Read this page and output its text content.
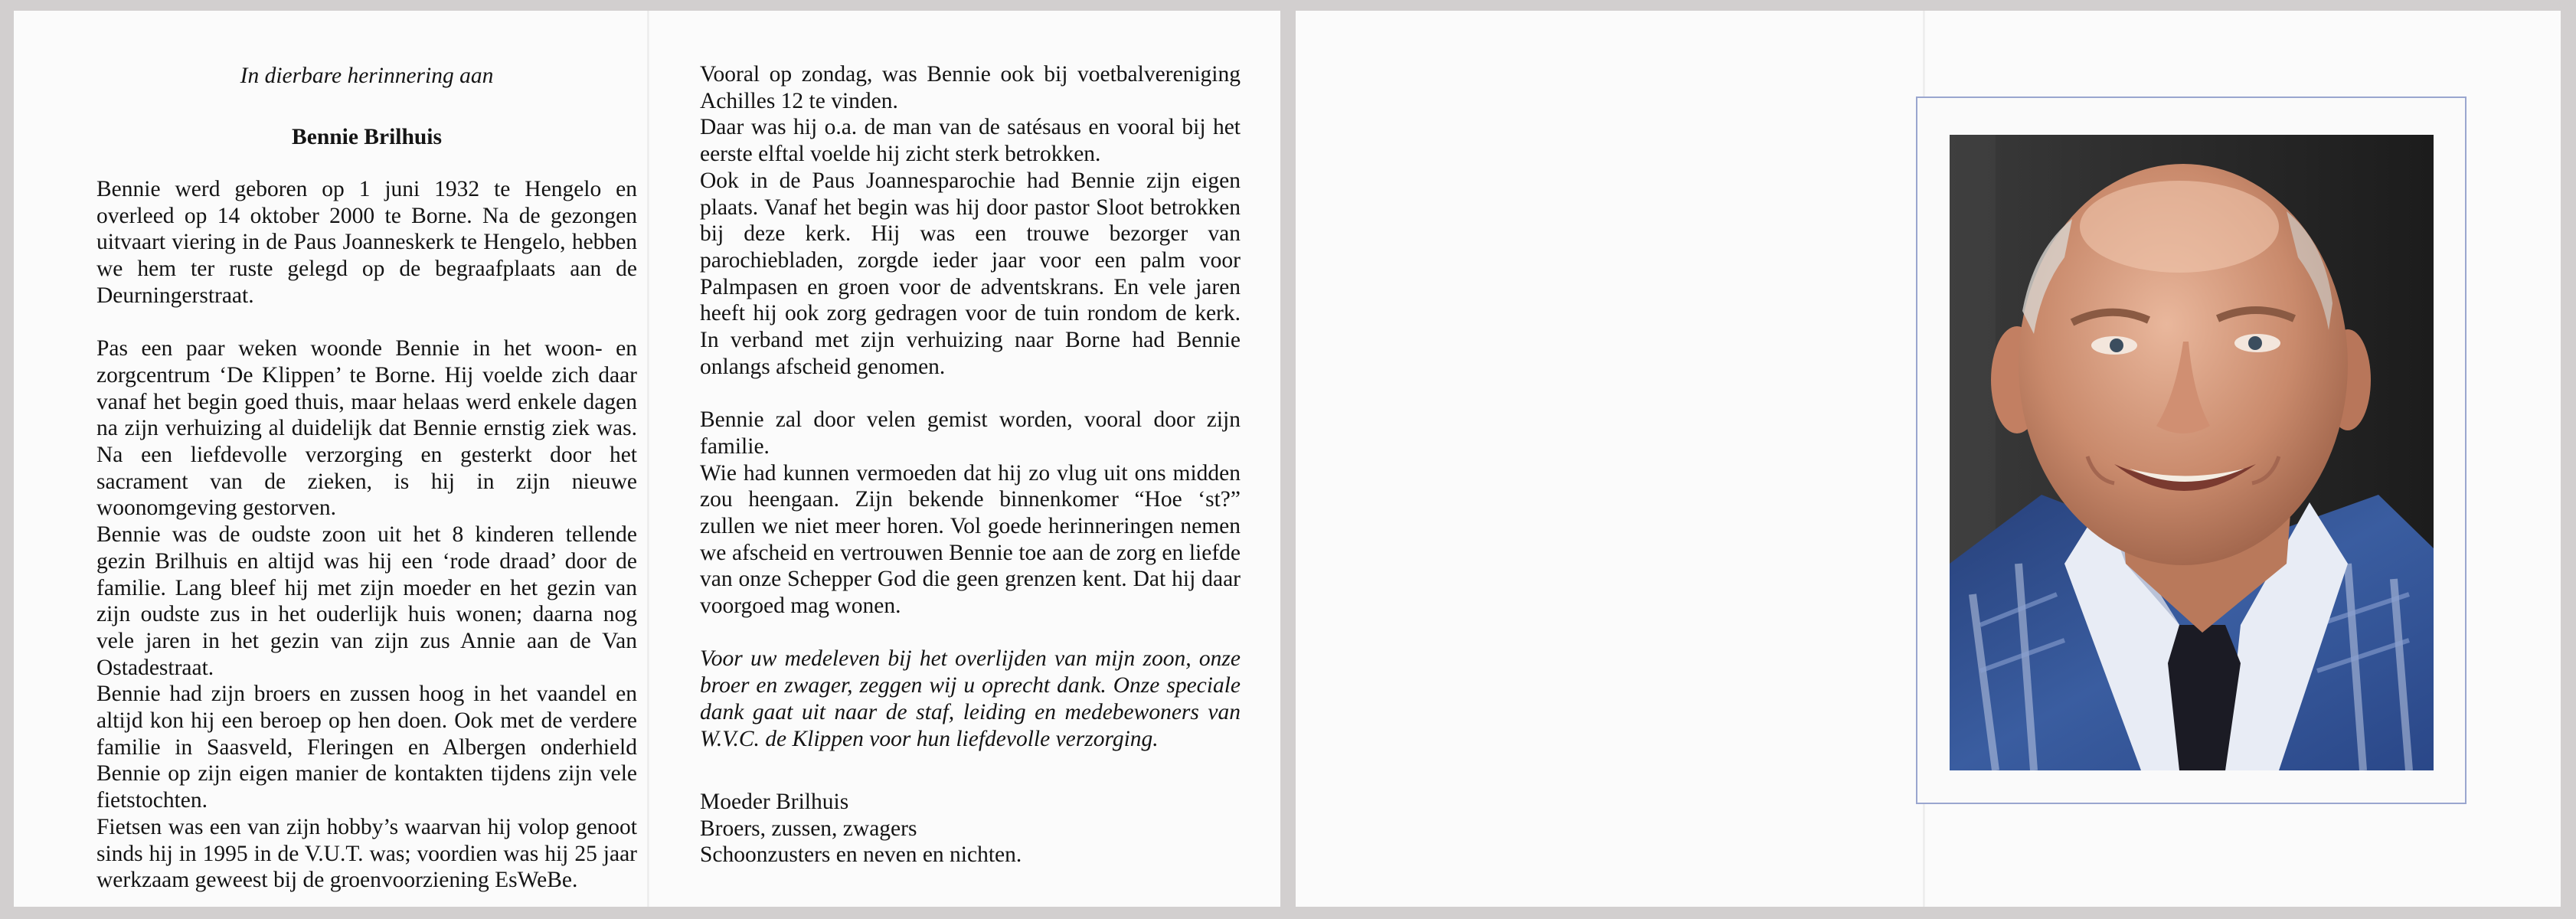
In dierbare herinnering aan
Bennie Brilhuis

Bennie werd geboren op 1 juni 1932 te Hengelo en overleed op 14 oktober 2000 te Borne. Na de gezongen uitvaart viering in de Paus Joanneskerk te Hengelo, hebben we hem ter ruste gelegd op de begraafplaats aan de Deurningerstraat.

Pas een paar weken woonde Bennie in het woon- en zorgcentrum ‘De Klippen’ te Borne. Hij voelde zich daar vanaf het begin goed thuis, maar helaas werd enkele dagen na zijn verhuizing al duidelijk dat Bennie ernstig ziek was. Na een liefdevolle verzorging en gesterkt door het sacrament van de zieken, is hij in zijn nieuwe woonomgeving gestorven.

Bennie was de oudste zoon uit het 8 kinderen tellende gezin Brilhuis en altijd was hij een ‘rode draad’ door de familie. Lang bleef hij met zijn moeder en het gezin van zijn oudste zus in het ouderlijk huis wonen; daarna nog vele jaren in het gezin van zijn zus Annie aan de Van Ostadestraat.

Bennie had zijn broers en zussen hoog in het vaandel en altijd kon hij een beroep op hen doen. Ook met de verdere familie in Saasveld, Fleringen en Albergen onderhield Bennie op zijn eigen manier de kontakten tijdens zijn vele fietstochten.

Fietsen was een van zijn hobby’s waarvan hij volop genoot sinds hij in 1995 in de V.U.T. was; voordien was hij 25 jaar werkzaam geweest bij de groenvoorziening EsWeBe.

Vooral op zondag, was Bennie ook bij voetbalvereniging Achilles 12 te vinden.

Daar was hij o.a. de man van de satésaus en vooral bij het eerste elftal voelde hij zicht sterk betrokken.

Ook in de Paus Joannesparochie had Bennie zijn eigen plaats. Vanaf het begin was hij door pastor Sloot betrokken bij deze kerk. Hij was een trouwe bezorger van parochiebladen, zorgde ieder jaar voor een palm voor Palmpasen en groen voor de adventskrans. En vele jaren heeft hij ook zorg gedragen voor de tuin rondom de kerk. In verband met zijn verhuizing naar Borne had Bennie onlangs afscheid genomen.

Bennie zal door velen gemist worden, vooral door zijn familie.

Wie had kunnen vermoeden dat hij zo vlug uit ons midden zou heengaan. Zijn bekende binnenkomer “Hoe ‘st?” zullen we niet meer horen. Vol goede herinneringen nemen we afscheid en vertrouwen Bennie toe aan de zorg en liefde van onze Schepper God die geen grenzen kent. Dat hij daar voorgoed mag wonen.

Voor uw medeleven bij het overlijden van mijn zoon, onze broer en zwager, zeggen wij u oprecht dank. Onze speciale dank gaat uit naar de staf, leiding en medebewoners van W.V.C. de Klippen voor hun liefdevolle verzorging.

Moeder Brilhuis
Broers, zussen, zwagers
Schoonzusters en neven en nichten.
